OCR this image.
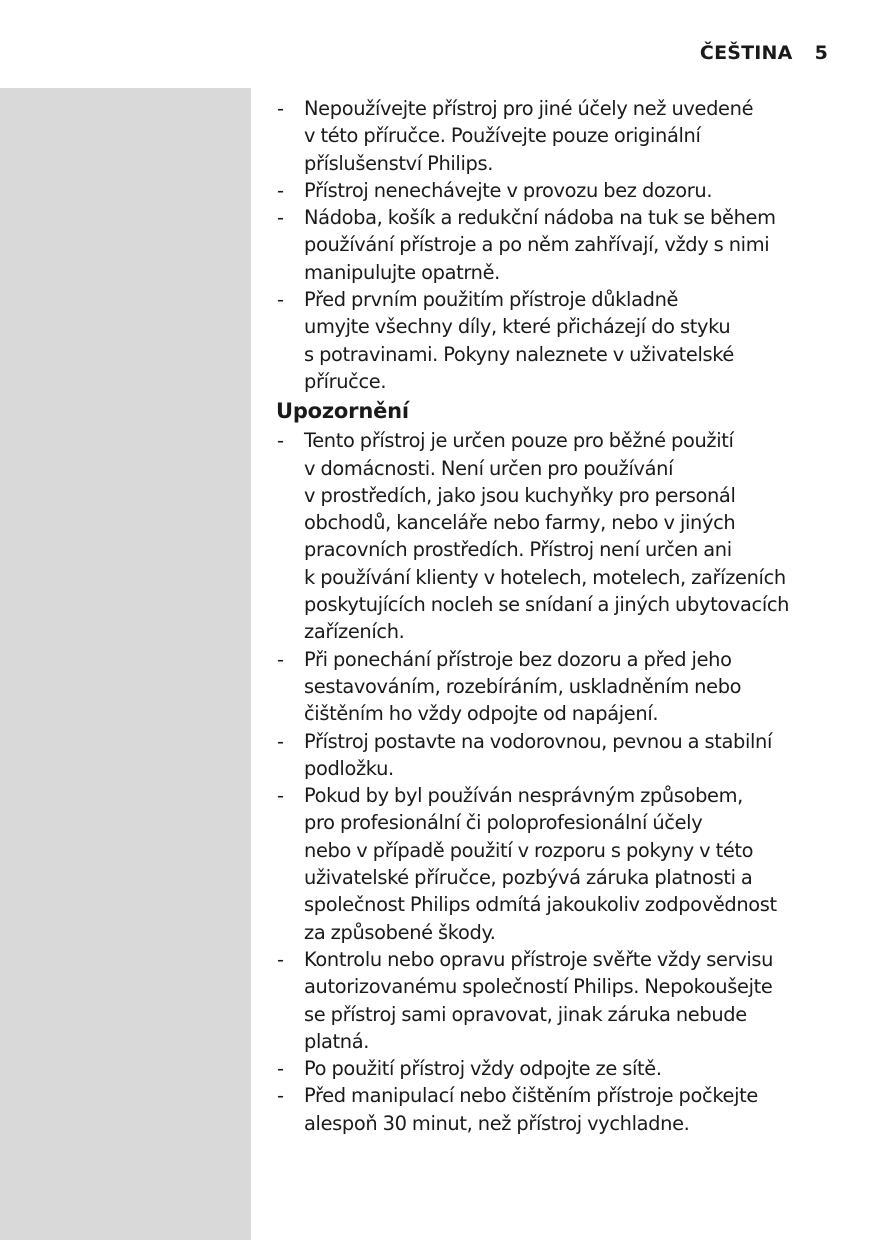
ČEŠTINA 5
- Nepoužívejte přístroj pro jiné účely než uvedené
v této příručce. Používejte pouze originální
příslušenství Philips.
- Přístroj nenechávejte v provozu bez dozoru.
- Nádoba, košík a redukční nádoba na tuk se během
používání přístroje a po něm zahřívají, vždy s nimi
manipulujte opatrně.
- Před prvním použitím přístroje důkladně
umyjte všechny díly, které přicházejí do styku
s potravinami. Pokyny naleznete v uživatelské
příručce.
Upozornění
- Tento přístroj je určen pouze pro běžné použití
v domácnosti. Není určen pro používání
v prostředích, jako jsou kuchyňky pro personál
obchodů, kanceláře nebo farmy, nebo v jiných
pracovních prostředích. Přístroj není určen ani
k používání klienty v hotelech, motelech, zařízeních
poskytujících nocleh se snídaní a jiných ubytovacích
zařízeních.
- Při ponechání přístroje bez dozoru a před jeho
sestavováním, rozebíráním, uskladněním nebo
čištěním ho vždy odpojte od napájení.
- Přístroj postavte na vodorovnou, pevnou a stabilní
podložku.
- Pokud by byl používán nesprávným způsobem,
pro profesionální či poloprofesionální účely
nebo v případě použití v rozporu s pokyny v této
uživatelské příručce, pozbývá záruka platnosti a
společnost Philips odmítá jakoukoliv zodpovědnost
za způsobené škody.
- Kontrolu nebo opravu přístroje svěřte vždy servisu
autorizovanému společností Philips. Nepokoušejte
se přístroj sami opravovat, jinak záruka nebude
platná.
- Po použití přístroj vždy odpojte ze sítě.
- Před manipulací nebo čištěním přístroje počkejte
alespoň 30 minut, než přístroj vychladne.
